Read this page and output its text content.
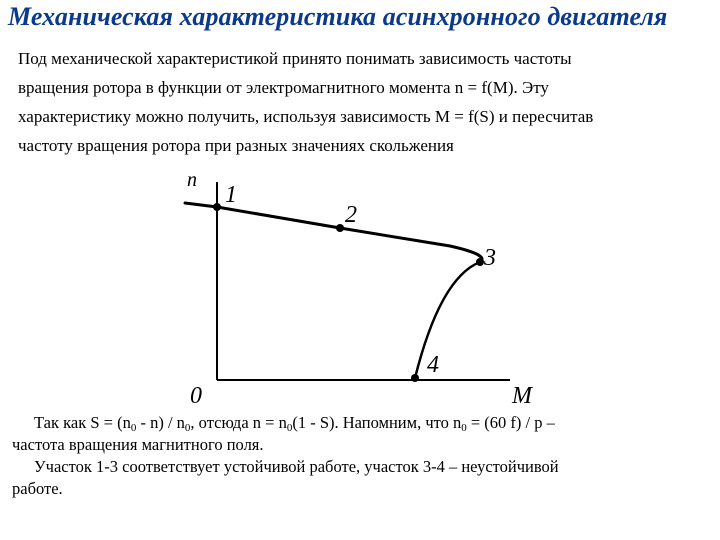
Механическая характеристика асинхронного двигателя
Под механической характеристикой принято понимать зависимость частоты
вращения ротора в функции от электромагнитного момента n = f(M). Эту
характеристику можно получить, используя зависимость M = f(S) и пересчитав
частоту вращения ротора при разных значениях скольжения
n
M
0
1
2
3
4
Так как $S = (n_0 - n) / n_0$, отсюда $n = n_0(1 - S)$. Напомним, что $n_0 = (60$ f) / p –
частота вращения магнитного поля.
Участок 1-3 соответствует устойчивой работе, участок 3-4 – неустойчивой
работе.
